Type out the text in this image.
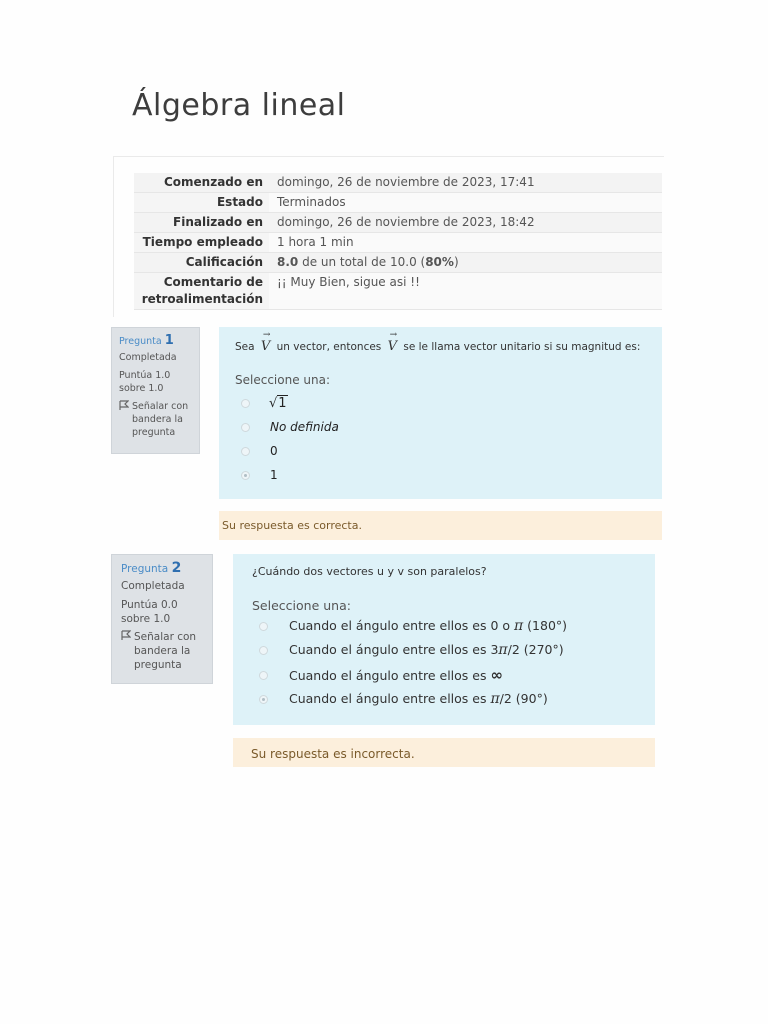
Álgebra lineal
Comenzado en	domingo, 26 de noviembre de 2023, 17:41
Estado	Terminados
Finalizado en	domingo, 26 de noviembre de 2023, 18:42
Tiempo empleado	1 hora 1 min
Calificación	8.0 de un total de 10.0 (80%)
Comentario de retroalimentación	¡¡ Muy Bien, sigue asi !!
Pregunta 1
Completada
Puntúa 1.0 sobre 1.0
Señalar con bandera la pregunta
Sea
→
V un vector, entonces
→
V se le llama vector unitario si su magnitud es:
Seleccione una:
√1
No definida
0
1
Su respuesta es correcta.
Pregunta 2
Completada
Puntúa 0.0 sobre 1.0
Señalar con bandera la pregunta
¿Cuándo dos vectores u y v son paralelos?
Seleccione una:
Cuando el ángulo entre ellos es 0 o π (180°)
Cuando el ángulo entre ellos es 3π/2 (270°)
Cuando el ángulo entre ellos es ∞
Cuando el ángulo entre ellos es π/2 (90°)
Su respuesta es incorrecta.
